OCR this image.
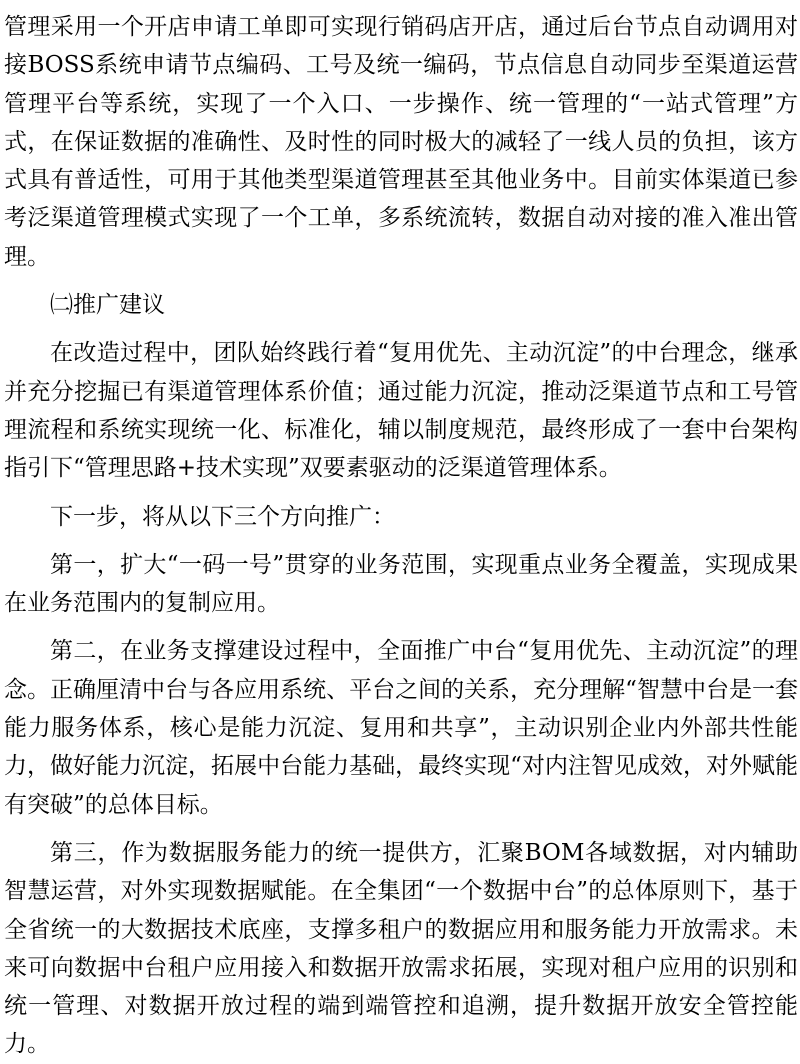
管理采用一个开店申请工单即可实现行销码店开店，通过后台节点自动调用对接BOSS系统申请节点编码、工号及统一编码，节点信息自动同步至渠道运营管理平台等系统，实现了一个入口、一步操作、统一管理的“一站式管理”方式，在保证数据的准确性、及时性的同时极大的减轻了一线人员的负担，该方式具有普适性，可用于其他类型渠道管理甚至其他业务中。目前实体渠道已参考泛渠道管理模式实现了一个工单，多系统流转，数据自动对接的准入准出管理。

㈡推广建议

在改造过程中，团队始终践行着“复用优先、主动沉淀”的中台理念，继承并充分挖掘已有渠道管理体系价值；通过能力沉淀，推动泛渠道节点和工号管理流程和系统实现统一化、标准化，辅以制度规范，最终形成了一套中台架构指引下“管理思路+技术实现”双要素驱动的泛渠道管理体系。

下一步，将从以下三个方向推广：

第一，扩大“一码一号”贯穿的业务范围，实现重点业务全覆盖，实现成果在业务范围内的复制应用。

第二，在业务支撑建设过程中，全面推广中台“复用优先、主动沉淀”的理念。正确厘清中台与各应用系统、平台之间的关系，充分理解“智慧中台是一套能力服务体系，核心是能力沉淀、复用和共享”，主动识别企业内外部共性能力，做好能力沉淀，拓展中台能力基础，最终实现“对内注智见成效，对外赋能有突破”的总体目标。

第三，作为数据服务能力的统一提供方，汇聚BOM各域数据，对内辅助智慧运营，对外实现数据赋能。在全集团“一个数据中台”的总体原则下，基于全省统一的大数据技术底座，支撑多租户的数据应用和服务能力开放需求。未来可向数据中台租户应用接入和数据开放需求拓展，实现对租户应用的识别和统一管理、对数据开放过程的端到端管控和追溯，提升数据开放安全管控能力。
